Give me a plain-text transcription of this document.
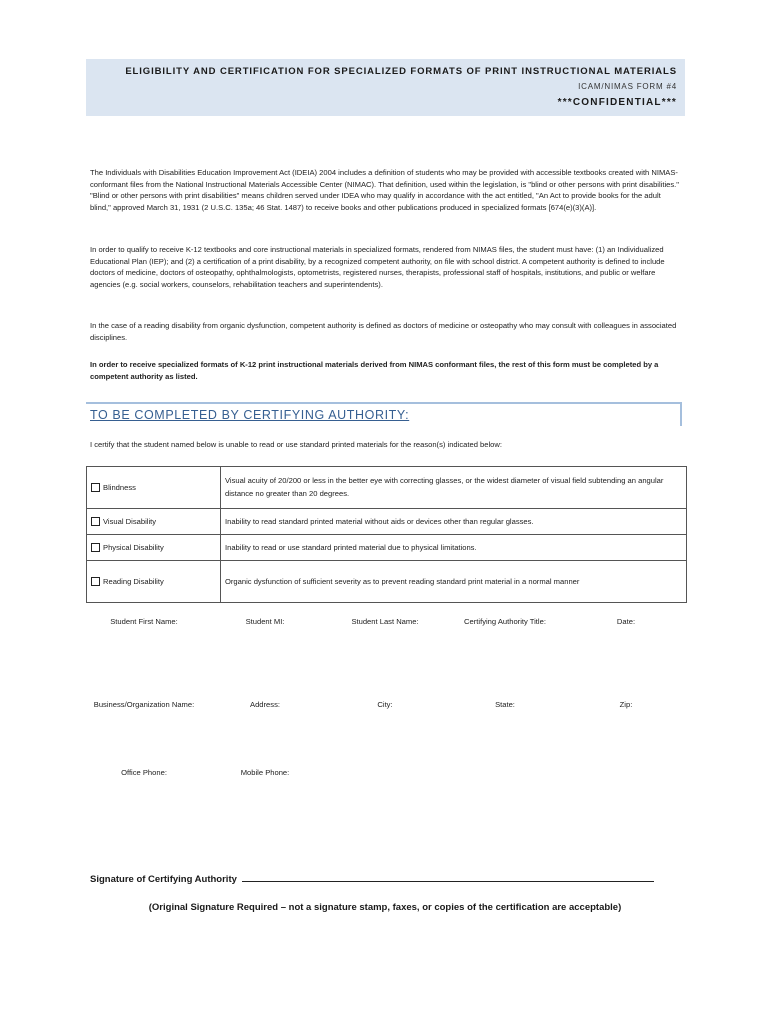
ELIGIBILITY AND CERTIFICATION FOR SPECIALIZED FORMATS OF PRINT INSTRUCTIONAL MATERIALS
ICAM/NIMAS FORM #4
***CONFIDENTIAL***

The Individuals with Disabilities Education Improvement Act (IDEIA) 2004 includes a definition of students who may be provided with accessible textbooks created with NIMAS-conformant files from the National Instructional Materials Accessible Center (NIMAC). That definition, used within the legislation, is "blind or other persons with print disabilities." "Blind or other persons with print disabilities" means children served under IDEA who may qualify in accordance with the act entitled, "An Act to provide books for the adult blind," approved March 31, 1931 (2 U.S.C. 135a; 46 Stat. 1487) to receive books and other publications produced in specialized formats [674(e)(3)(A)].

In order to qualify to receive K-12 textbooks and core instructional materials in specialized formats, rendered from NIMAS files, the student must have: (1) an Individualized Educational Plan (IEP); and (2) a certification of a print disability, by a recognized competent authority, on file with school district. A competent authority is defined to include doctors of medicine, doctors of osteopathy, ophthalmologists, optometrists, registered nurses, therapists, professional staff of hospitals, institutions, and public or welfare agencies (e.g. social workers, counselors, rehabilitation teachers and superintendents).

In the case of a reading disability from organic dysfunction, competent authority is defined as doctors of medicine or osteopathy who may consult with colleagues in associated disciplines.

In order to receive specialized formats of K-12 print instructional materials derived from NIMAS conformant files, the rest of this form must be completed by a competent authority as listed.

TO BE COMPLETED BY CERTIFYING AUTHORITY:
I certify that the student named below is unable to read or use standard printed materials for the reason(s) indicated below:
Blindness	Visual acuity of 20/200 or less in the better eye with correcting glasses, or the widest diameter of visual field subtending an angular distance no greater than 20 degrees.
Visual Disability	Inability to read standard printed material without aids or devices other than regular glasses.
Physical Disability	Inability to read or use standard printed material due to physical limitations.
Reading Disability	Organic dysfunction of sufficient severity as to prevent reading standard print material in a normal manner
Student First Name:	Student MI:	Student Last Name:	Certifying Authority Title:	Date:
Business/Organization Name:	Address:	City:	State:	Zip:
Office Phone:	Mobile Phone:
Signature of Certifying Authority
(Original Signature Required – not a signature stamp, faxes, or copies of the certification are acceptable)
